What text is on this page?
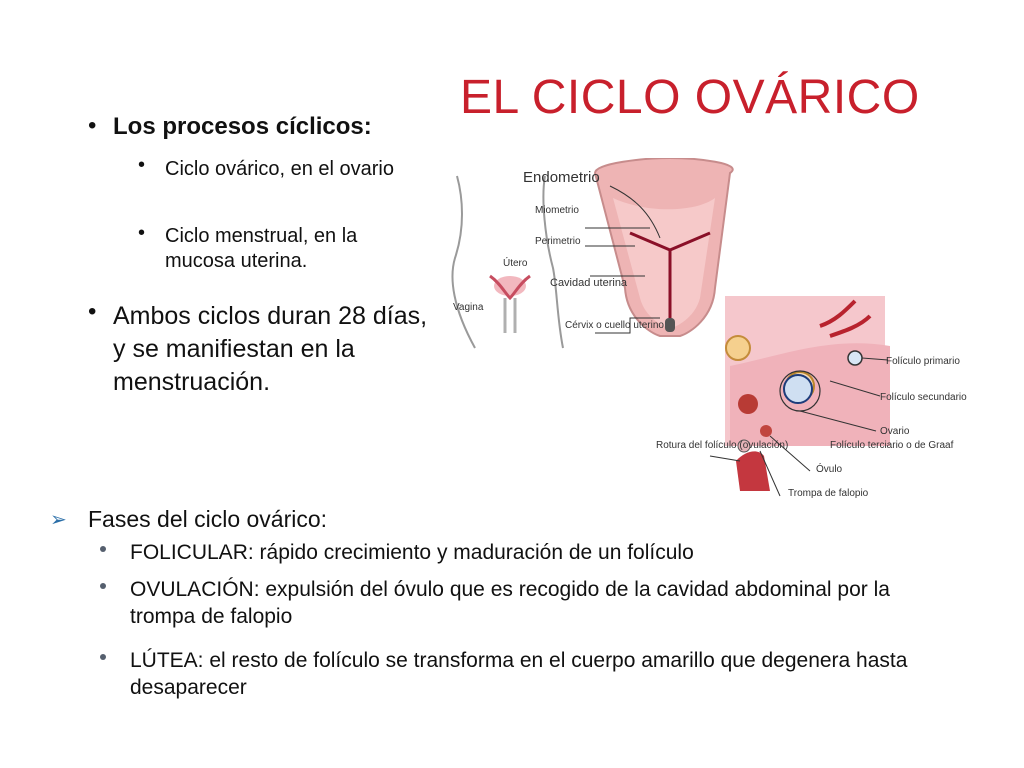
EL CICLO OVÁRICO
• Los procesos cíclicos:
• Ciclo ovárico, en el ovario
• Ciclo menstrual, en la mucosa uterina.
• Ambos ciclos duran 28 días, y se manifiestan en la menstruación.
Endometrio
Miometrio
Perimetrio
Útero
Vagina
Cavidad uterina
Cérvix o cuello uterino
Folículo primario
Folículo secundario
Ovario
Folículo terciario o de Graaf
Rotura del folículo (ovulación)
Óvulo
Trompa de falopio
➢ Fases del ciclo ovárico:
FOLICULAR: rápido crecimiento y maduración de un folículo
OVULACIÓN: expulsión del óvulo que es recogido de la cavidad abdominal por la trompa de falopio
LÚTEA: el resto de folículo se transforma en el cuerpo amarillo que degenera hasta desaparecer
